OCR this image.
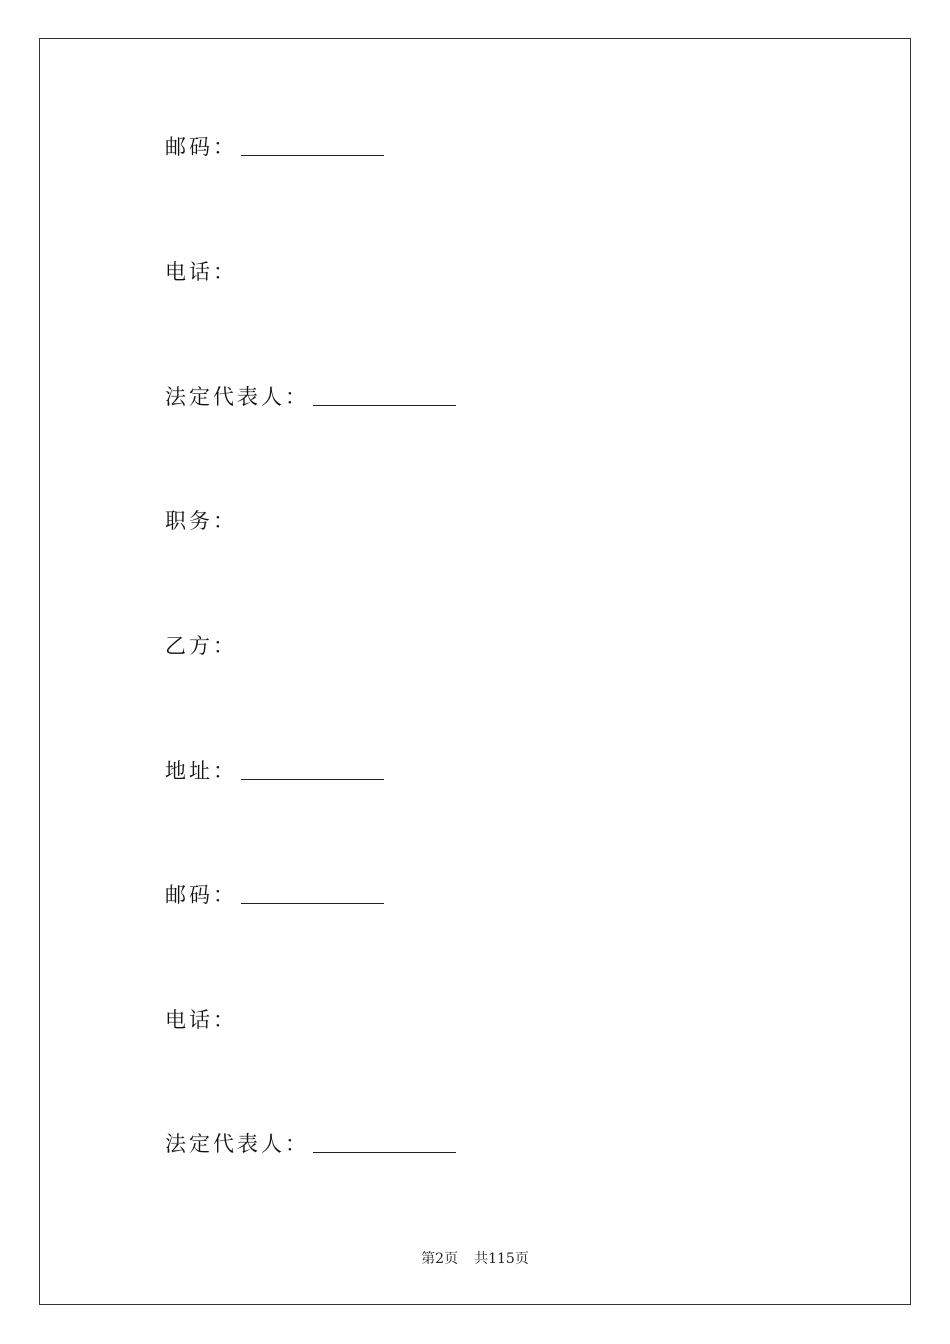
邮码：
电话：
法定代表人：
职务：
乙方：
地址：
邮码：
电话：
法定代表人：
第2页 共115页
